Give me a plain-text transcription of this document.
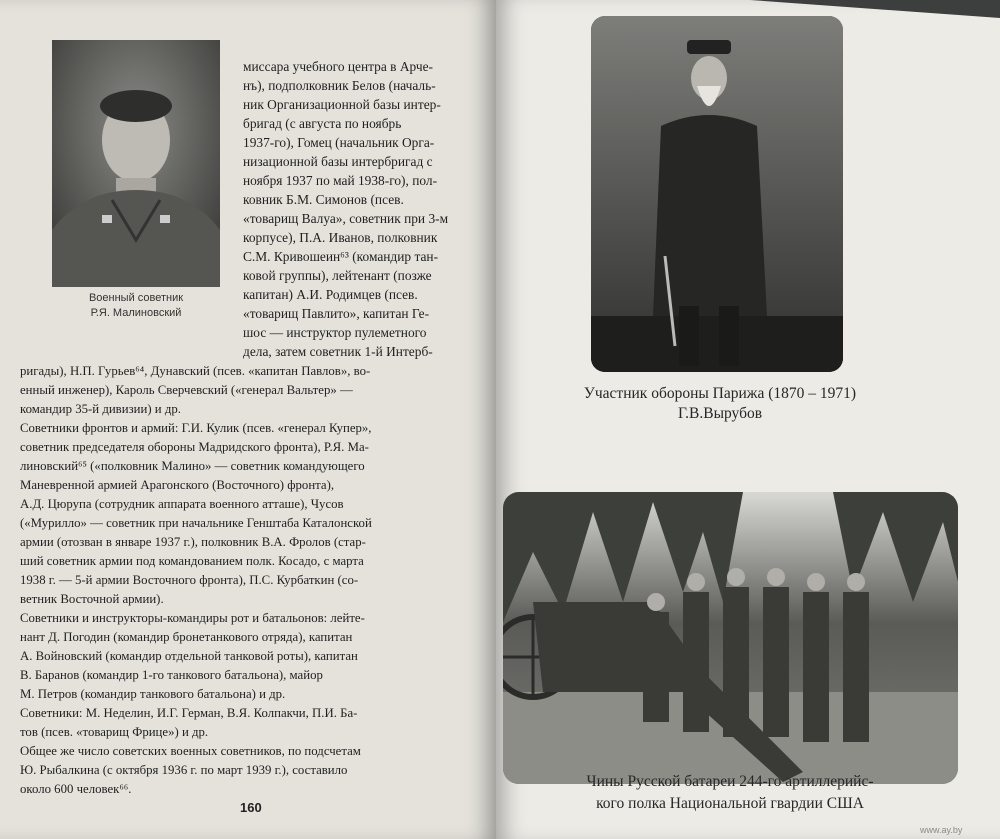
Военный советник
Р.Я. Малиновский
миссара учебного центра в Арче-
нъ), подполковник Белов (началь-
ник Организационной базы интер-
бригад (с августа по ноябрь
1937-го), Гомец (начальник Орга-
низационной базы интербригад с
ноября 1937 по май 1938-го), пол-
ковник Б.М. Симонов (псев.
«товарищ Валуа», советник при 3-м
корпусе), П.А. Иванов, полковник
С.М. Кривошеин⁶³ (командир тан-
ковой группы), лейтенант (позже
капитан) А.И. Родимцев (псев.
«товарищ Павлито», капитан Ге-
шос — инструктор пулеметного
дела, затем советник 1-й Интерб-
ригады), Н.П. Гурьев⁶⁴, Дунавский (псев. «капитан Павлов», во-
енный инженер), Кароль Сверчевский («генерал Вальтер» —
командир 35-й дивизии) и др.
Советники фронтов и армий: Г.И. Кулик (псев. «генерал Купер»,
советник председателя обороны Мадридского фронта), Р.Я. Ма-
линовский⁶⁵ («полковник Малино» — советник командующего
Маневренной армией Арагонского (Восточного) фронта),
А.Д. Цюрупа (сотрудник аппарата военного атташе), Чусов
(«Мурилло» — советник при начальнике Генштаба Каталонской
армии (отозван в январе 1937 г.), полковник В.А. Фролов (стар-
ший советник армии под командованием полк. Косадо, с марта
1938 г. — 5-й армии Восточного фронта), П.С. Курбаткин (со-
ветник Восточной армии).
Советники и инструкторы-командиры рот и батальонов: лейте-
нант Д. Погодин (командир бронетанкового отряда), капитан
А. Войновский (командир отдельной танковой роты), капитан
В. Баранов (командир 1-го танкового батальона), майор
М. Петров (командир танкового батальона) и др.
Советники: М. Неделин, И.Г. Герман, В.Я. Колпакчи, П.И. Ба-
тов (псев. «товарищ Фрице») и др.
Общее же число советских военных советников, по подсчетам
Ю. Рыбалкина (с октября 1936 г. по март 1939 г.), составило
около 600 человек⁶⁶.
160
Участник обороны Парижа (1870 – 1971)
Г.В.Вырубов
Чины Русской батареи 244-го артиллерийс-
кого полка Национальной гвардии США
www.ay.by
